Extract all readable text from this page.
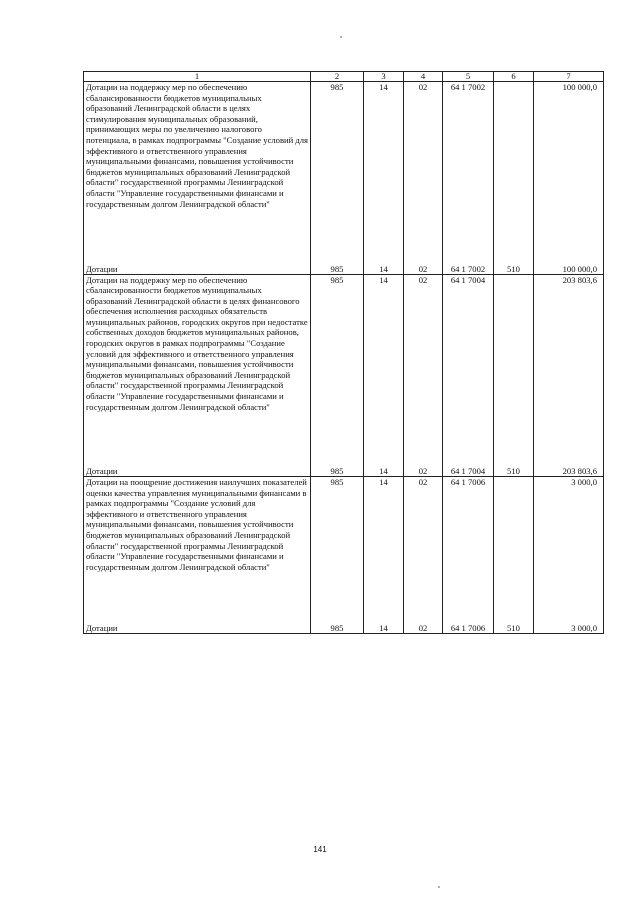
1	2	3	4	5	6	7
Дотации на поддержку мер по обеспечению сбалансированности бюджетов муниципальных образований Ленинградской области в целях стимулирования муниципальных образований, принимающих меры по увеличению налогового потенциала, в рамках подпрограммы "Создание условий для эффективного и ответственного управления муниципальными финансами, повышения устойчивости бюджетов муниципальных образований Ленинградской области" государственной программы Ленинградской области "Управление государственными финансами и государственным долгом Ленинградской области"	985	14	02	64 1 7002		100 000,0
Дотации	985	14	02	64 1 7002	510	100 000,0
Дотации на поддержку мер по обеспечению сбалансированности бюджетов муниципальных образований Ленинградской области в целях финансового обеспечения исполнения расходных обязательств муниципальных районов, городских округов при недостатке собственных доходов бюджетов муниципальных районов, городских округов в рамках подпрограммы "Создание условий для эффективного и ответственного управления муниципальными финансами, повышения устойчивости бюджетов муниципальных образований Ленинградской области" государственной программы Ленинградской области "Управление государственными финансами и государственным долгом Ленинградской области"	985	14	02	64 1 7004		203 803,6
Дотации	985	14	02	64 1 7004	510	203 803,6
Дотации на поощрение достижения наилучших показателей оценки качества управления муниципальными финансами в рамках подпрограммы "Создание условий для эффективного и ответственного управления муниципальными финансами, повышения устойчивости бюджетов муниципальных образований Ленинградской области" государственной программы Ленинградской области "Управление государственными финансами и государственным долгом Ленинградской области"	985	14	02	64 1 7006		3 000,0
Дотации	985	14	02	64 1 7006	510	3 000,0
141
